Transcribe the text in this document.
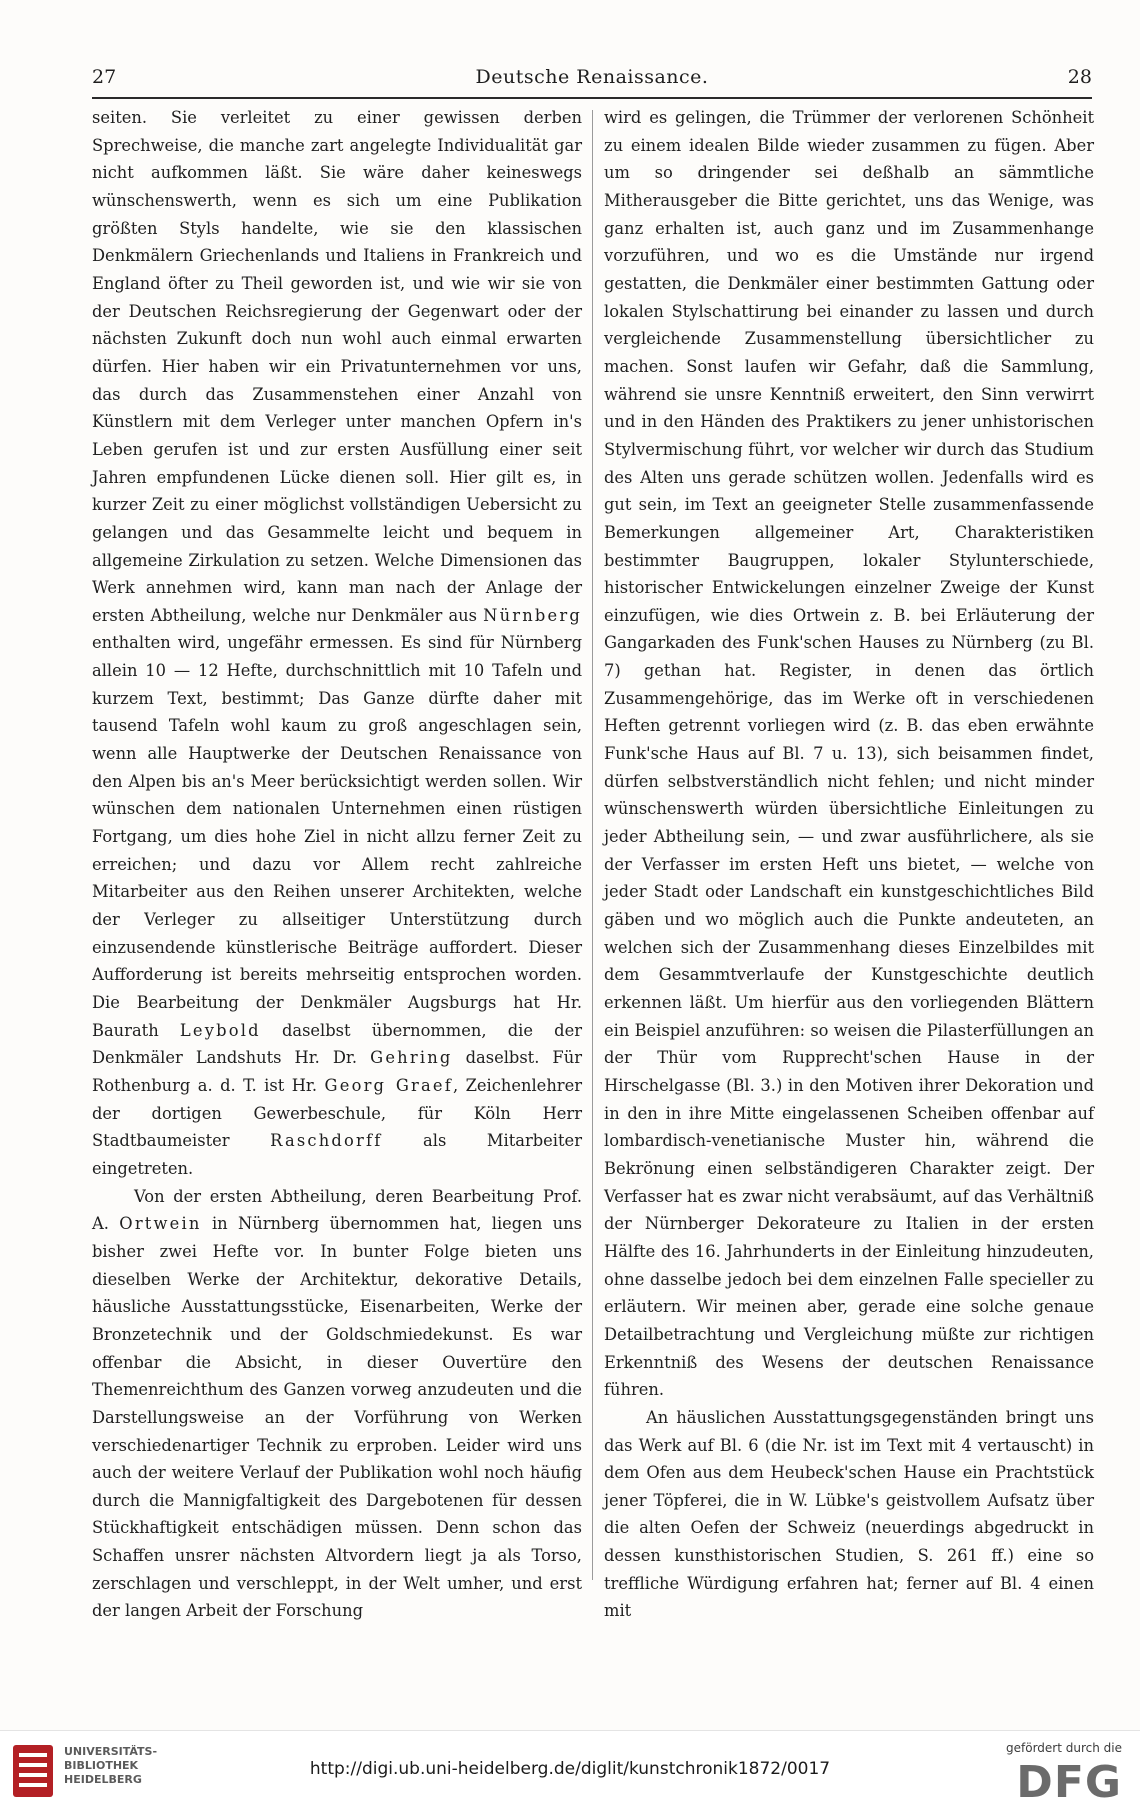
27	Deutsche Renaissance.	28

seiten. Sie verleitet zu einer gewissen derben Sprechweise, die manche zart angelegte Individualität gar nicht aufkommen läßt. Sie wäre daher keineswegs wünschenswerth, wenn es sich um eine Publikation größten Styls handelte, wie sie den klassischen Denkmälern Griechenlands und Italiens in Frankreich und England öfter zu Theil geworden ist, und wie wir sie von der Deutschen Reichsregierung der Gegenwart oder der nächsten Zukunft doch nun wohl auch einmal erwarten dürfen. Hier haben wir ein Privatunternehmen vor uns, das durch das Zusammenstehen einer Anzahl von Künstlern mit dem Verleger unter manchen Opfern in's Leben gerufen ist und zur ersten Ausfüllung einer seit Jahren empfundenen Lücke dienen soll. Hier gilt es, in kurzer Zeit zu einer möglichst vollständigen Uebersicht zu gelangen und das Gesammelte leicht und bequem in allgemeine Zirkulation zu setzen. Welche Dimensionen das Werk annehmen wird, kann man nach der Anlage der ersten Abtheilung, welche nur Denkmäler aus Nürnberg enthalten wird, ungefähr ermessen. Es sind für Nürnberg allein 10 — 12 Hefte, durchschnittlich mit 10 Tafeln und kurzem Text, bestimmt; Das Ganze dürfte daher mit tausend Tafeln wohl kaum zu groß angeschlagen sein, wenn alle Hauptwerke der Deutschen Renaissance von den Alpen bis an's Meer berücksichtigt werden sollen. Wir wünschen dem nationalen Unternehmen einen rüstigen Fortgang, um dies hohe Ziel in nicht allzu ferner Zeit zu erreichen; und dazu vor Allem recht zahlreiche Mitarbeiter aus den Reihen unserer Architekten, welche der Verleger zu allseitiger Unterstützung durch einzusendende künstlerische Beiträge auffordert. Dieser Aufforderung ist bereits mehrseitig entsprochen worden. Die Bearbeitung der Denkmäler Augsburgs hat Hr. Baurath Leybold daselbst übernommen, die der Denkmäler Landshuts Hr. Dr. Gehring daselbst. Für Rothenburg a. d. T. ist Hr. Georg Graef, Zeichenlehrer der dortigen Gewerbeschule, für Köln Herr Stadtbaumeister Raschdorff als Mitarbeiter eingetreten.

Von der ersten Abtheilung, deren Bearbeitung Prof. A. Ortwein in Nürnberg übernommen hat, liegen uns bisher zwei Hefte vor. In bunter Folge bieten uns dieselben Werke der Architektur, dekorative Details, häusliche Ausstattungsstücke, Eisenarbeiten, Werke der Bronzetechnik und der Goldschmiedekunst. Es war offenbar die Absicht, in dieser Ouvertüre den Themenreichthum des Ganzen vorweg anzudeuten und die Darstellungsweise an der Vorführung von Werken verschiedenartiger Technik zu erproben. Leider wird uns auch der weitere Verlauf der Publikation wohl noch häufig durch die Mannigfaltigkeit des Dargebotenen für dessen Stückhaftigkeit entschädigen müssen. Denn schon das Schaffen unsrer nächsten Altvordern liegt ja als Torso, zerschlagen und verschleppt, in der Welt umher, und erst der langen Arbeit der Forschung

wird es gelingen, die Trümmer der verlorenen Schönheit zu einem idealen Bilde wieder zusammen zu fügen. Aber um so dringender sei deßhalb an sämmtliche Mitherausgeber die Bitte gerichtet, uns das Wenige, was ganz erhalten ist, auch ganz und im Zusammenhange vorzuführen, und wo es die Umstände nur irgend gestatten, die Denkmäler einer bestimmten Gattung oder lokalen Stylschattirung bei einander zu lassen und durch vergleichende Zusammenstellung übersichtlicher zu machen. Sonst laufen wir Gefahr, daß die Sammlung, während sie unsre Kenntniß erweitert, den Sinn verwirrt und in den Händen des Praktikers zu jener unhistorischen Stylvermischung führt, vor welcher wir durch das Studium des Alten uns gerade schützen wollen. Jedenfalls wird es gut sein, im Text an geeigneter Stelle zusammenfassende Bemerkungen allgemeiner Art, Charakteristiken bestimmter Baugruppen, lokaler Stylunterschiede, historischer Entwickelungen einzelner Zweige der Kunst einzufügen, wie dies Ortwein z. B. bei Erläuterung der Gangarkaden des Funk'schen Hauses zu Nürnberg (zu Bl. 7) gethan hat. Register, in denen das örtlich Zusammengehörige, das im Werke oft in verschiedenen Heften getrennt vorliegen wird (z. B. das eben erwähnte Funk'sche Haus auf Bl. 7 u. 13), sich beisammen findet, dürfen selbstverständlich nicht fehlen; und nicht minder wünschenswerth würden übersichtliche Einleitungen zu jeder Abtheilung sein, — und zwar ausführlichere, als sie der Verfasser im ersten Heft uns bietet, — welche von jeder Stadt oder Landschaft ein kunstgeschichtliches Bild gäben und wo möglich auch die Punkte andeuteten, an welchen sich der Zusammenhang dieses Einzelbildes mit dem Gesammtverlaufe der Kunstgeschichte deutlich erkennen läßt. Um hierfür aus den vorliegenden Blättern ein Beispiel anzuführen: so weisen die Pilasterfüllungen an der Thür vom Rupprecht'schen Hause in der Hirschelgasse (Bl. 3.) in den Motiven ihrer Dekoration und in den in ihre Mitte eingelassenen Scheiben offenbar auf lombardisch-venetianische Muster hin, während die Bekrönung einen selbständigeren Charakter zeigt. Der Verfasser hat es zwar nicht verabsäumt, auf das Verhältniß der Nürnberger Dekorateure zu Italien in der ersten Hälfte des 16. Jahrhunderts in der Einleitung hinzudeuten, ohne dasselbe jedoch bei dem einzelnen Falle specieller zu erläutern. Wir meinen aber, gerade eine solche genaue Detailbetrachtung und Vergleichung müßte zur richtigen Erkenntniß des Wesens der deutschen Renaissance führen.

An häuslichen Ausstattungsgegenständen bringt uns das Werk auf Bl. 6 (die Nr. ist im Text mit 4 vertauscht) in dem Ofen aus dem Heubeck'schen Hause ein Prachtstück jener Töpferei, die in W. Lübke's geistvollem Aufsatz über die alten Oefen der Schweiz (neuerdings abgedruckt in dessen kunsthistorischen Studien, S. 261 ff.) eine so treffliche Würdigung erfahren hat; ferner auf Bl. 4 einen mit

UNIVERSITÄTS-
BIBLIOTHEK
HEIDELBERG
http://digi.ub.uni-heidelberg.de/diglit/kunstchronik1872/0017
gefördert durch die
DFG
